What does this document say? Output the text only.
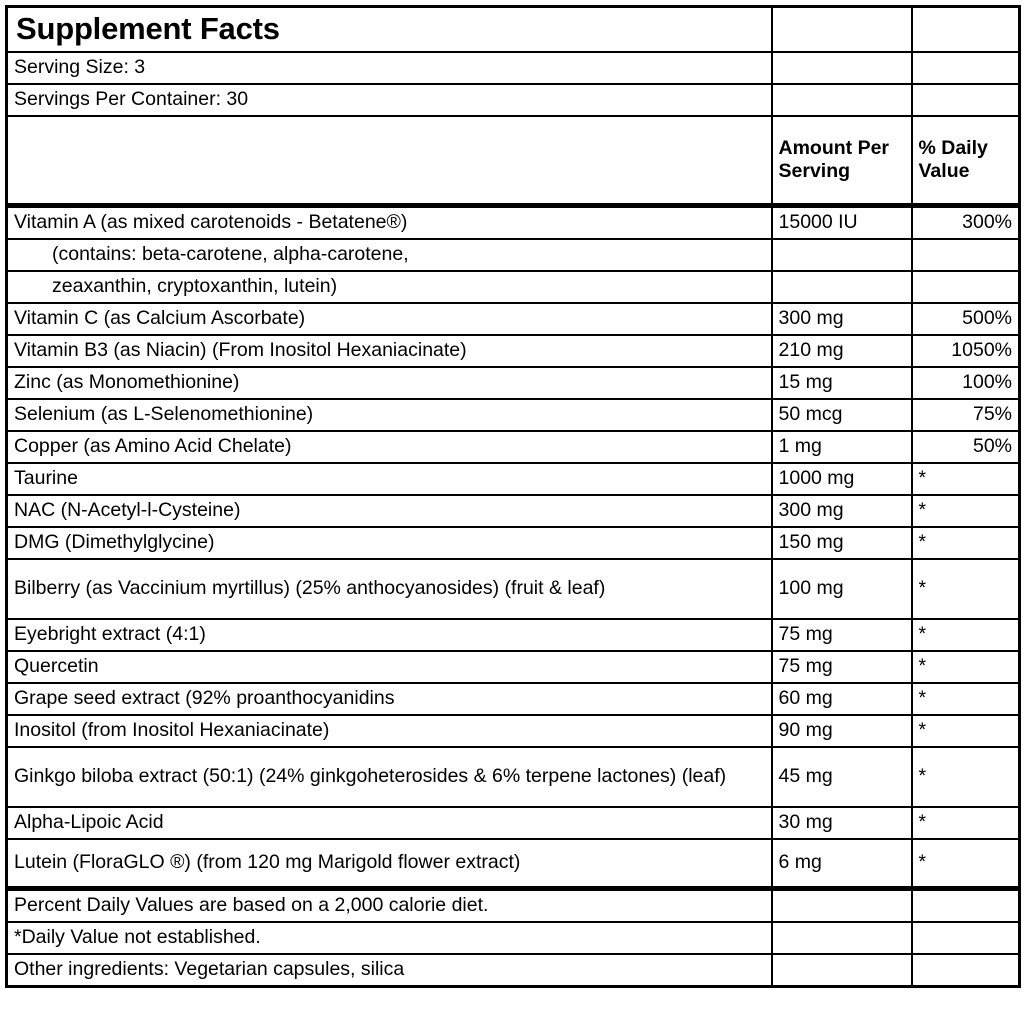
Supplement Facts		

Serving Size: 3		

Servings Per Container: 30		

	Amount Per Serving	% Daily Value

Vitamin A (as mixed carotenoids - Betatene®)	15000 IU	300%

(contains: beta-carotene, alpha-carotene,		

zeaxanthin, cryptoxanthin, lutein)		

Vitamin C (as Calcium Ascorbate)	300 mg	500%

Vitamin B3 (as Niacin) (From Inositol Hexaniacinate)	210 mg	1050%

Zinc (as Monomethionine)	15 mg	100%

Selenium (as L-Selenomethionine)	50 mcg	75%

Copper (as Amino Acid Chelate)	1 mg	50%

Taurine	1000 mg	*

NAC (N-Acetyl-l-Cysteine)	300 mg	*

DMG (Dimethylglycine)	150 mg	*

Bilberry (as Vaccinium myrtillus) (25% anthocyanosides) (fruit & leaf)	100 mg	*

Eyebright extract (4:1)	75 mg	*

Quercetin	75 mg	*

Grape seed extract (92% proanthocyanidins	60 mg	*

Inositol (from Inositol Hexaniacinate)	90 mg	*

Ginkgo biloba extract (50:1) (24% ginkgoheterosides & 6% terpene lactones) (leaf)	45 mg	*

Alpha-Lipoic Acid	30 mg	*

Lutein (FloraGLO ®) (from 120 mg Marigold flower extract)	6 mg	*

Percent Daily Values are based on a 2,000 calorie diet.		

*Daily Value not established.		

Other ingredients: Vegetarian capsules, silica		
